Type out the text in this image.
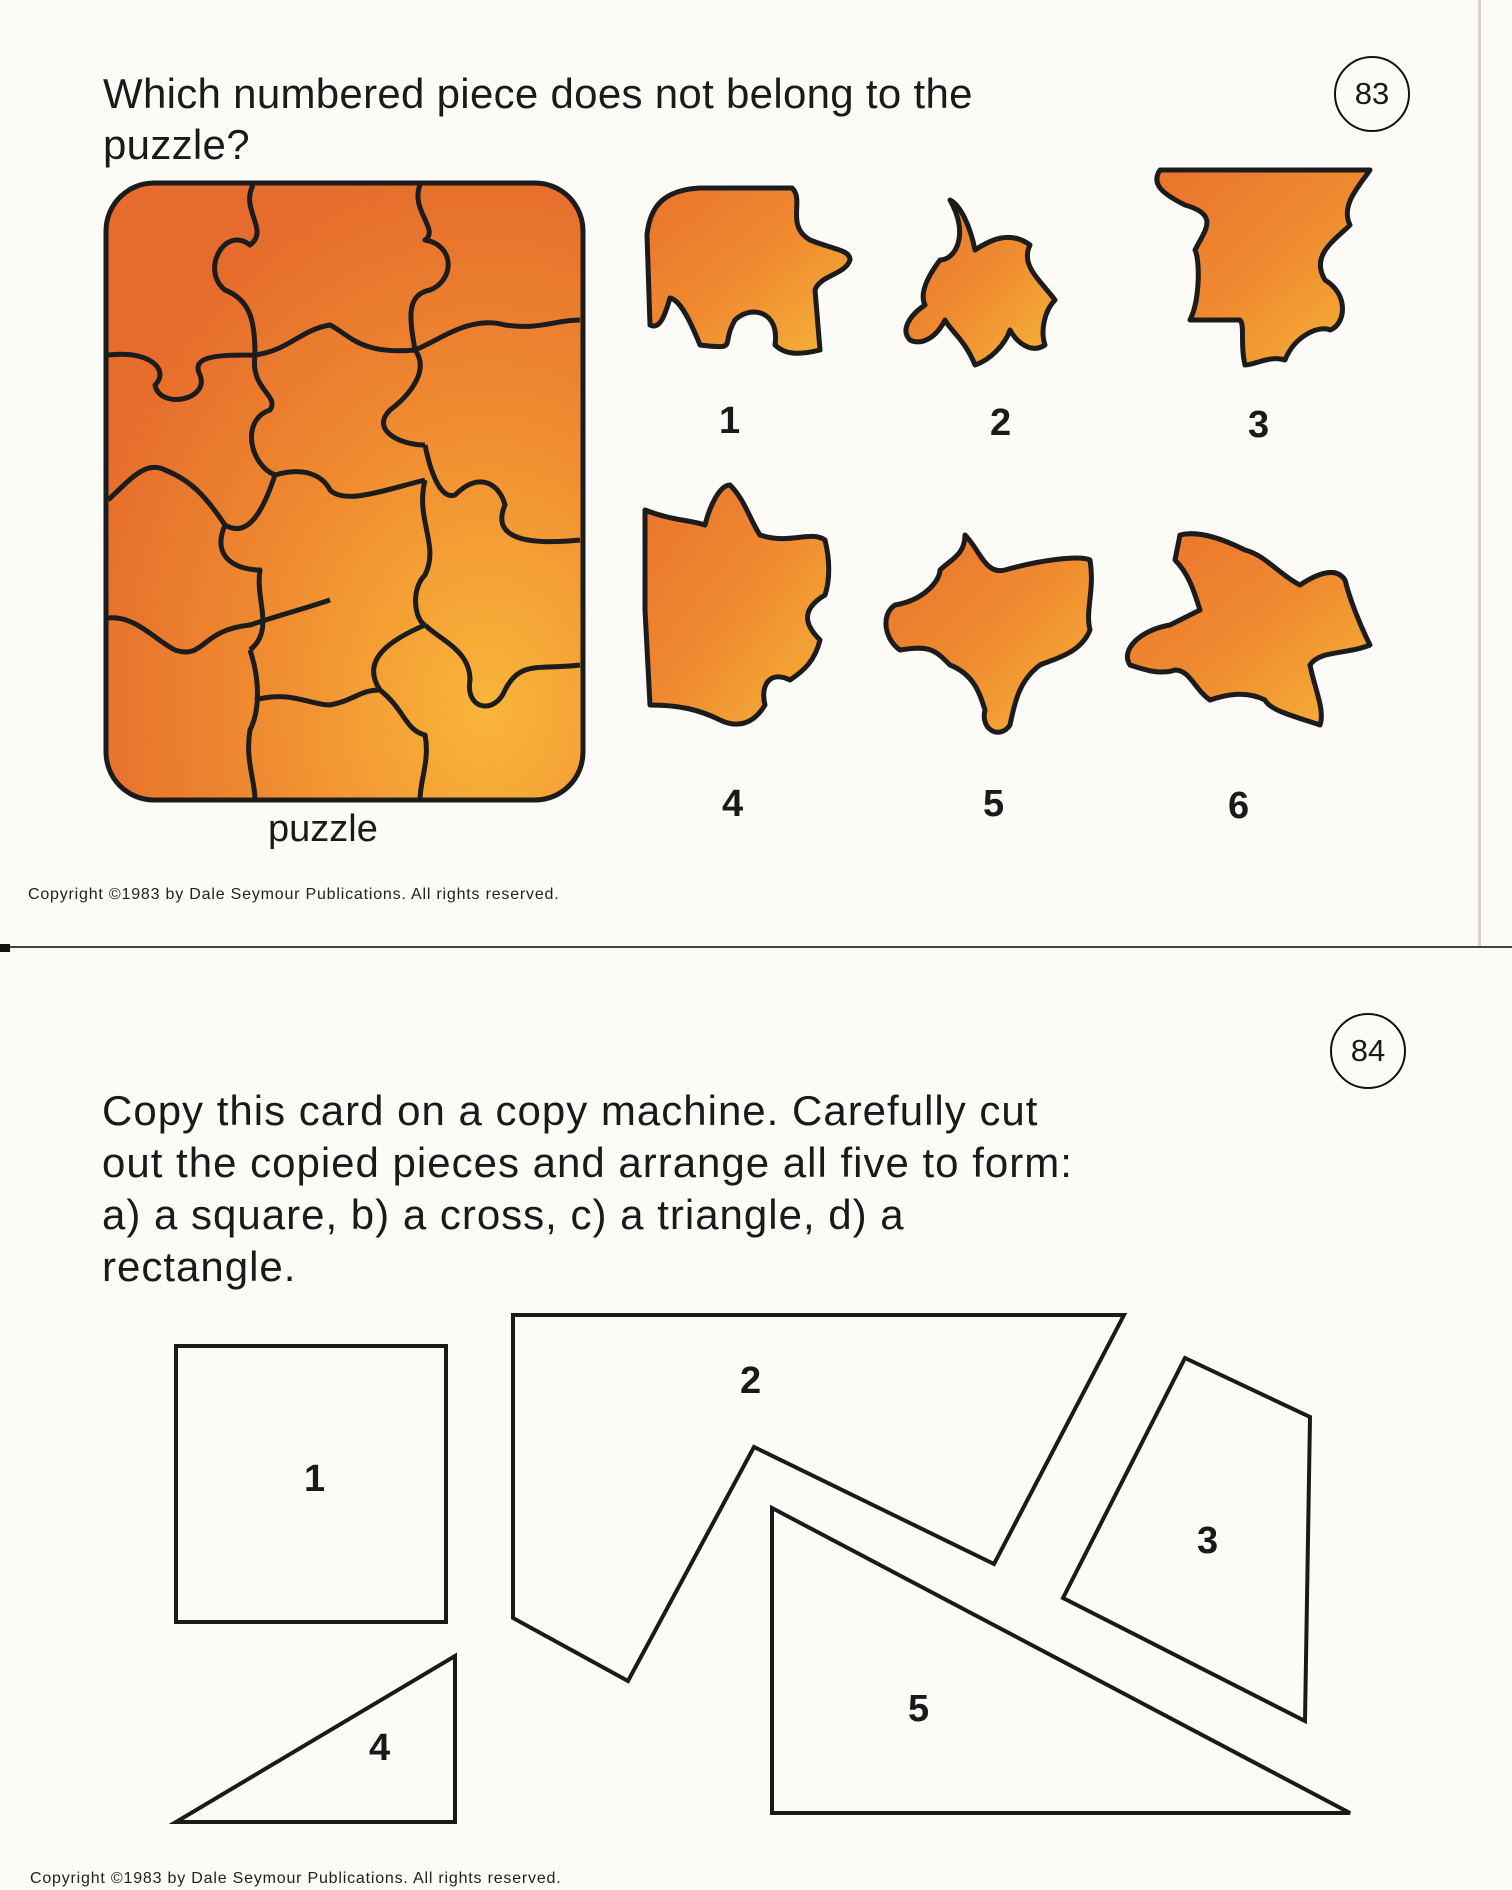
Which numbered piece does not belong to the puzzle?

83
1	2	3
4	5	6
puzzle
Copyright ©1983 by Dale Seymour Publications. All rights reserved.
84

Copy this card on a copy machine. Carefully cut out the copied pieces and arrange all five to form: a) a square, b) a cross, c) a triangle, d) a rectangle.

1
2
3
4
5
Copyright ©1983 by Dale Seymour Publications. All rights reserved.
